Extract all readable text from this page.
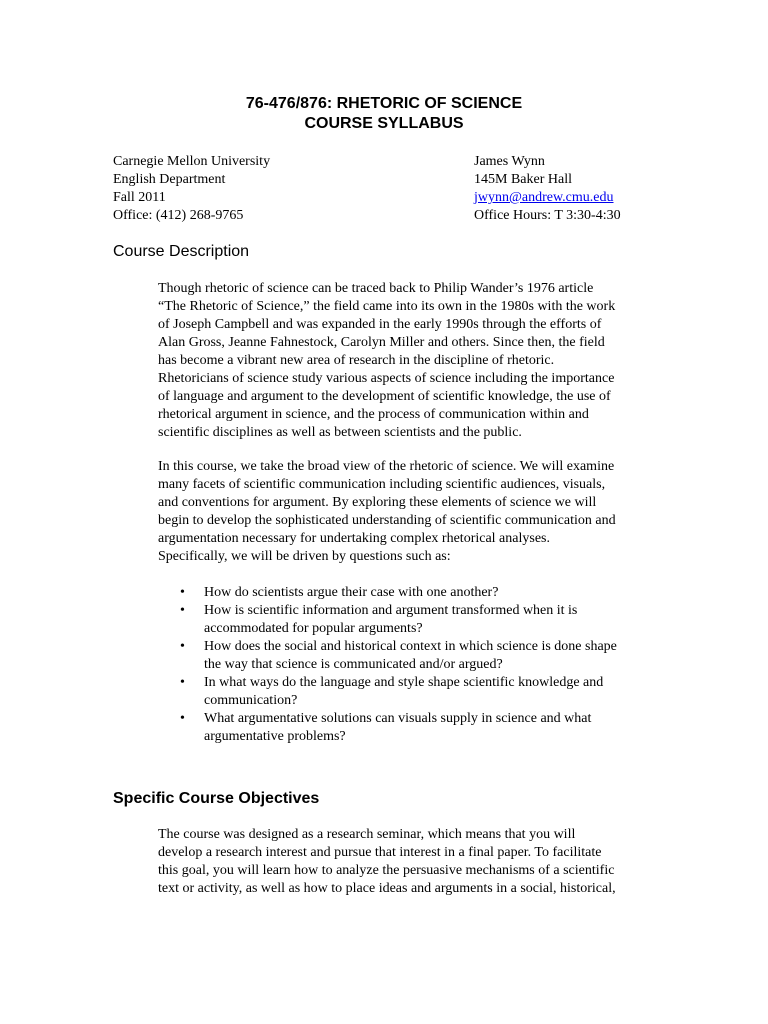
76-476/876: RHETORIC OF SCIENCE
COURSE SYLLABUS
Carnegie Mellon University
English Department
Fall 2011
Office: (412) 268-9765
James Wynn
145M Baker Hall
jwynn@andrew.cmu.edu
Office Hours: T 3:30-4:30
Course Description
Though rhetoric of science can be traced back to Philip Wander’s 1976 article
“The Rhetoric of Science,” the field came into its own in the 1980s with the work
of Joseph Campbell and was expanded in the early 1990s through the efforts of
Alan Gross, Jeanne Fahnestock, Carolyn Miller and others. Since then, the field
has become a vibrant new area of research in the discipline of rhetoric.
Rhetoricians of science study various aspects of science including the importance
of language and argument to the development of scientific knowledge, the use of
rhetorical argument in science, and the process of communication within and
scientific disciplines as well as between scientists and the public.
In this course, we take the broad view of the rhetoric of science. We will examine
many facets of scientific communication including scientific audiences, visuals,
and conventions for argument. By exploring these elements of science we will
begin to develop the sophisticated understanding of scientific communication and
argumentation necessary for undertaking complex rhetorical analyses.
Specifically, we will be driven by questions such as:
• How do scientists argue their case with one another?
• How is scientific information and argument transformed when it is
accommodated for popular arguments?
• How does the social and historical context in which science is done shape
the way that science is communicated and/or argued?
• In what ways do the language and style shape scientific knowledge and
communication?
• What argumentative solutions can visuals supply in science and what
argumentative problems?
Specific Course Objectives
The course was designed as a research seminar, which means that you will
develop a research interest and pursue that interest in a final paper. To facilitate
this goal, you will learn how to analyze the persuasive mechanisms of a scientific
text or activity, as well as how to place ideas and arguments in a social, historical,
